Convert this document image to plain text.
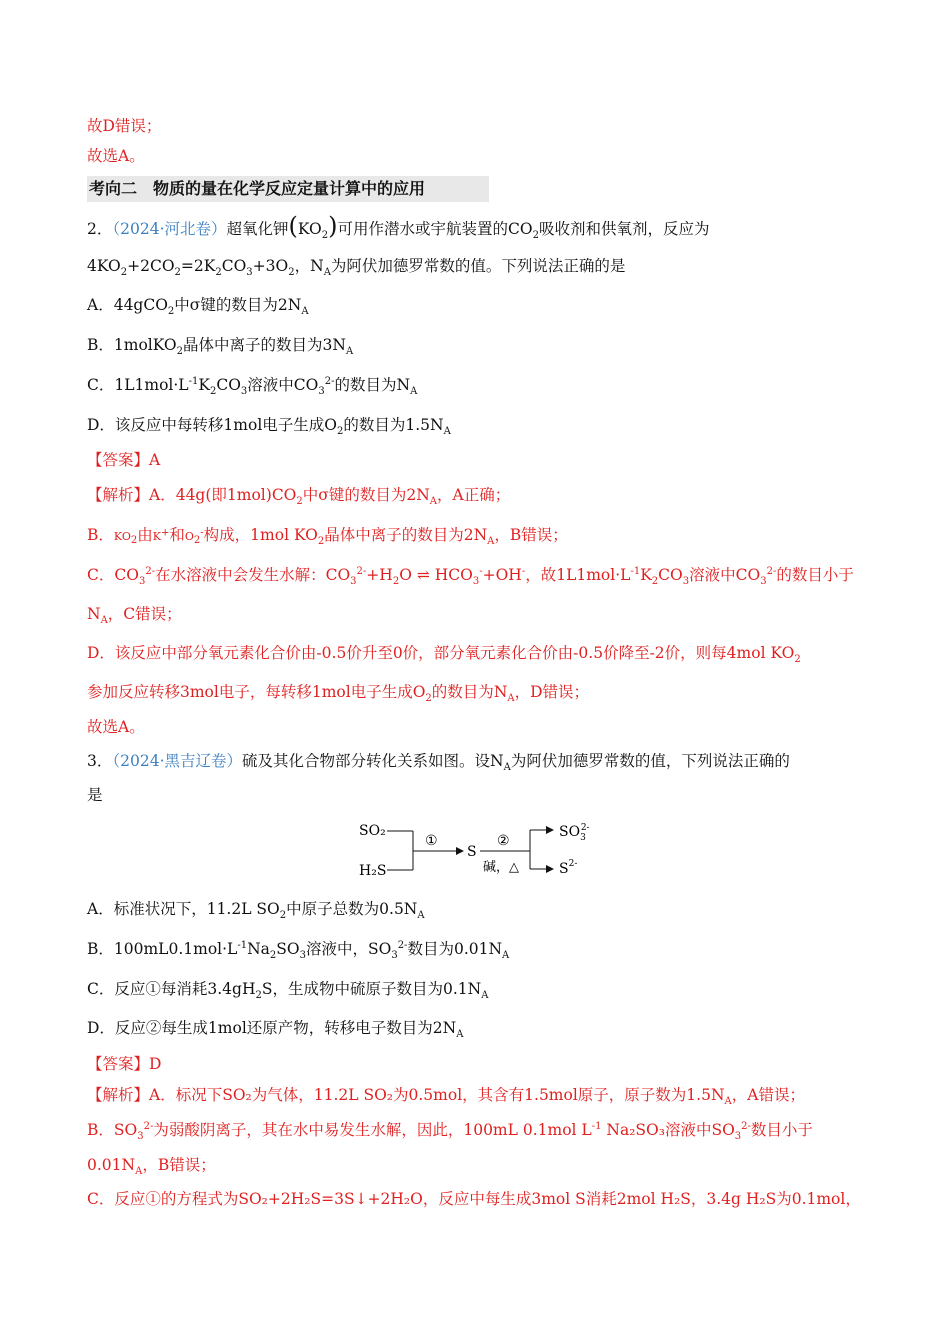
故D错误；
故选A。
考向二　物质的量在化学反应定量计算中的应用
2．（2024·河北卷）超氧化钾$(KO_2)$可用作潜水或宇航装置的$CO_2$吸收剂和供氧剂，反应为
$4KO_2+2CO_2=2K_2CO_3+3O_2$，$N_A$为阿伏加德罗常数的值。下列说法正确的是
A．44gCO$_2$中σ键的数目为$2N_A$
B．1molKO$_2$晶体中离子的数目为$3N_A$
C．$1L1mol\cdot L^{-1}K_2CO_3$溶液中$CO_3^{2-}$的数目为$N_A$
D．该反应中每转移1mol电子生成$O_2$的数目为$1.5N_A$
【答案】A
【解析】A．44g(即$1mol)CO_2$中σ键的数目为$2N_A$，A正确；
B．$KO_2$由K+和$O_2^-$构成，1mol $KO_2$晶体中离子的数目为$2N_A$，B错误；
C．$CO_3^{2-}$在水溶液中会发生水解：$CO_3^{2-}+H_2O$ ⇌ $HCO_3^-+OH^-$，故$1L1mol\cdot L^{-1}K_2CO_3$溶液中$CO_3^{2-}$的数目小于
$N_A$，C错误；
D．该反应中部分氧元素化合价由-0.5价升至0价，部分氧元素化合价由-0.5价降至-2价，则每4mol $KO_2$
参加反应转移3mol电子，每转移1mol电子生成$O_2$的数目为$N_A$，D错误；
故选A。
3．（2024·黑吉辽卷）硫及其化合物部分转化关系如图。设$N_A$为阿伏加德罗常数的值，下列说法正确的
是
SO₂
H₂S
①
S
②
碱，△
$SO_32-$
$S^{2-}$
A．标准状况下，11.2L $SO_2$中原子总数为$0.5N_A$
B．$100mL0.1mol\cdot L^{-1}Na_2SO_3$溶液中，$SO_3^{2-}$数目为$0.01N_A$
C．反应①每消耗$3.4gH_2S$，生成物中硫原子数目为$0.1N_A$
D．反应②每生成1mol还原产物，转移电子数目为$2N_A$
【答案】D
【解析】A．标况下SO₂为气体，11.2L SO₂为0.5mol，其含有1.5mol原子，原子数为$1.5N_A$，A错误；
B．$SO_3^{2-}$为弱酸阴离子，其在水中易发生水解，因此，100mL 0.1mol $L^{-1}$ Na₂SO₃溶液中$SO_3^{2-}$数目小于
$0.01N_A$，B错误；
C．反应①的方程式为SO₂+2H₂S=3S↓+2H₂O，反应中每生成3mol S消耗2mol H₂S，3.4g H₂S为0.1mol，
